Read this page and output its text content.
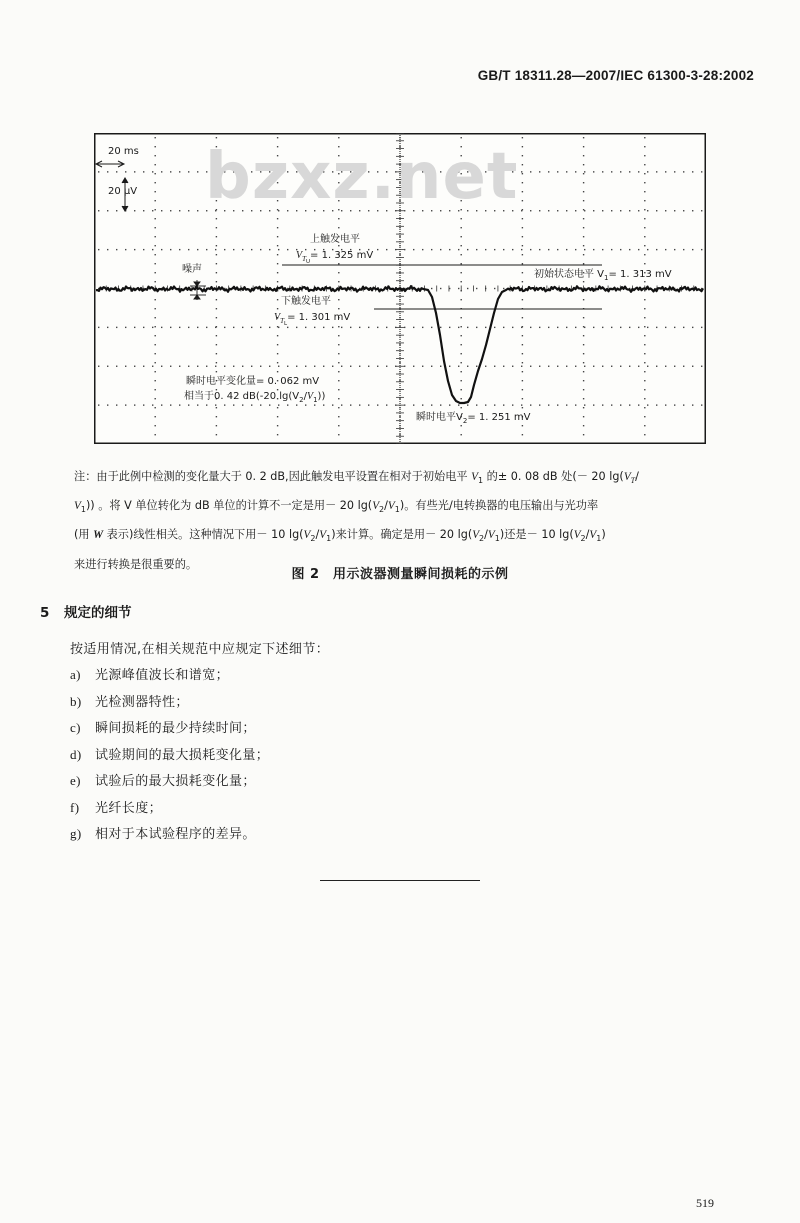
GB/T 18311.28—2007/IEC 61300-3-28:2002
20 ms
20 μV
噪声
上触发电平
$V_{TU}= 1$. 325 mV
初始状态电平 $V_1= 1$. 313 mV
下触发电平
$V_{TL}= 1$. 301 mV
瞬时电平变化量= 0. 062 mV
相当于0. 42 dB(-20 $\lg(V_2/V_1)$)
瞬时电平$V_2= 1$. 251 mV
bzxz.net

注：由于此例中检测的变化量大于 0. 2 dB,因此触发电平设置在相对于初始电平 $V_1$ 的± 0. 08 dB 处(－ 20 $\lg(V_T/$

$V_1$)) 。将 V 单位转化为 dB 单位的计算不一定是用－ 20 $\lg(V_2/V_1)$。有些光/电转换器的电压输出与光功率

(用 W 表示)线性相关。这种情况下用－ 10 $\lg(V_2/V_1)$来计算。确定是用－ 20 $\lg(V_2/V_1)$还是－ 10 $\lg(V_2/V_1)$

来进行转换是很重要的。

图 2　用示波器测量瞬间损耗的示例
5 规定的细节
按适用情况,在相关规范中应规定下述细节：
a) 光源峰值波长和谱宽；
b) 光检测器特性；
c) 瞬间损耗的最少持续时间；
d) 试验期间的最大损耗变化量；
e) 试验后的最大损耗变化量；
f) 光纤长度；
g) 相对于本试验程序的差异。
519
